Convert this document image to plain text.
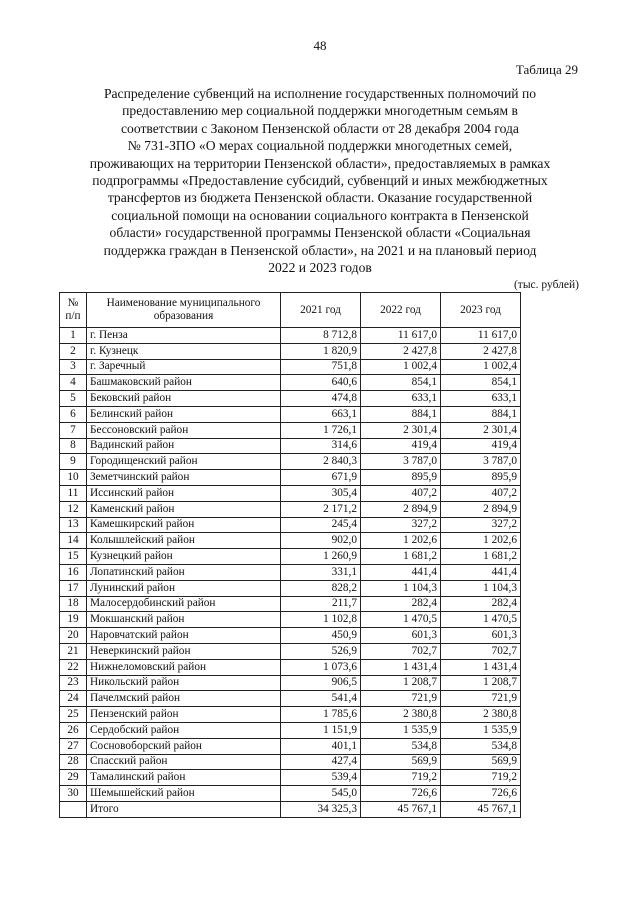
48
Таблица 29
Распределение субвенций на исполнение государственных полномочий по
предоставлению мер социальной поддержки многодетным семьям в
соответствии с Законом Пензенской области от 28 декабря 2004 года
№ 731-ЗПО «О мерах социальной поддержки многодетных семей,
проживающих на территории Пензенской области», предоставляемых в рамках
подпрограммы «Предоставление субсидий, субвенций и иных межбюджетных
трансфертов из бюджета Пензенской области. Оказание государственной
социальной помощи на основании социального контракта в Пензенской
области» государственной программы Пензенской области «Социальная
поддержка граждан в Пензенской области», на 2021 и на плановый период
2022 и 2023 годов
(тыс. рублей)
№ п/п	Наименование муниципального образования	2021 год	2022 год	2023 год
1	г. Пенза	8 712,8	11 617,0	11 617,0
2	г. Кузнецк	1 820,9	2 427,8	2 427,8
3	г. Заречный	751,8	1 002,4	1 002,4
4	Башмаковский район	640,6	854,1	854,1
5	Бековский район	474,8	633,1	633,1
6	Белинский район	663,1	884,1	884,1
7	Бессоновский район	1 726,1	2 301,4	2 301,4
8	Вадинский район	314,6	419,4	419,4
9	Городищенский район	2 840,3	3 787,0	3 787,0
10	Земетчинский район	671,9	895,9	895,9
11	Иссинский район	305,4	407,2	407,2
12	Каменский район	2 171,2	2 894,9	2 894,9
13	Камешкирский район	245,4	327,2	327,2
14	Колышлейский район	902,0	1 202,6	1 202,6
15	Кузнецкий район	1 260,9	1 681,2	1 681,2
16	Лопатинский район	331,1	441,4	441,4
17	Лунинский район	828,2	1 104,3	1 104,3
18	Малосердобинский район	211,7	282,4	282,4
19	Мокшанский район	1 102,8	1 470,5	1 470,5
20	Наровчатский район	450,9	601,3	601,3
21	Неверкинский район	526,9	702,7	702,7
22	Нижнеломовский район	1 073,6	1 431,4	1 431,4
23	Никольский район	906,5	1 208,7	1 208,7
24	Пачелмский район	541,4	721,9	721,9
25	Пензенский район	1 785,6	2 380,8	2 380,8
26	Сердобский район	1 151,9	1 535,9	1 535,9
27	Сосновоборский район	401,1	534,8	534,8
28	Спасский район	427,4	569,9	569,9
29	Тамалинский район	539,4	719,2	719,2
30	Шемышейский район	545,0	726,6	726,6
	Итого	34 325,3	45 767,1	45 767,1
